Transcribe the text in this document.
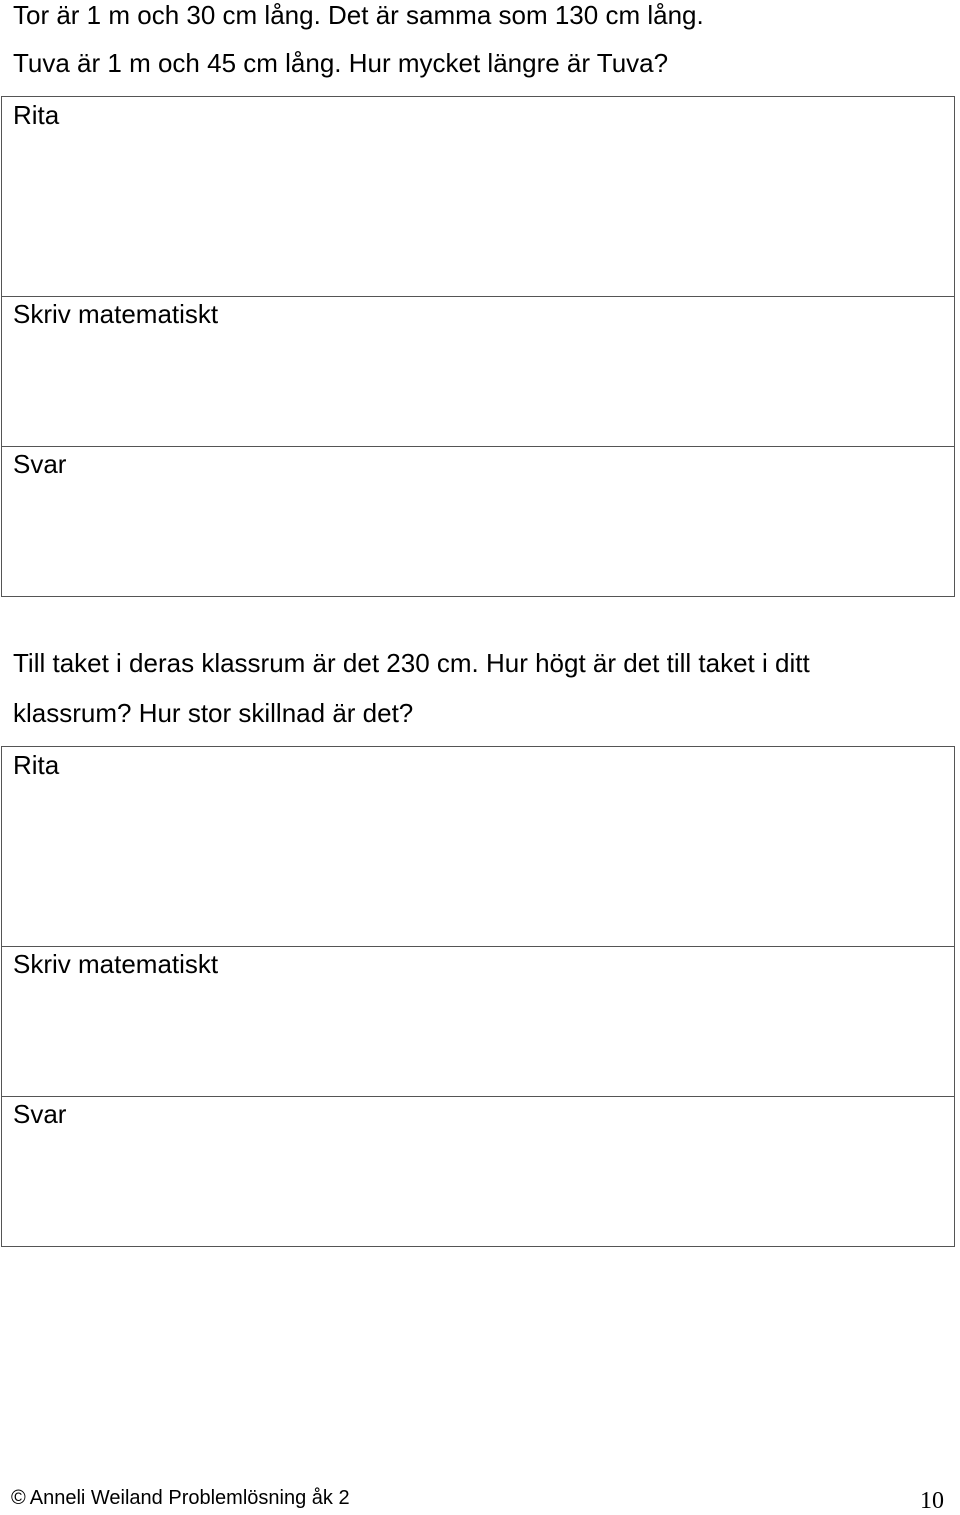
Tor är 1 m och 30 cm lång. Det är samma som 130 cm lång.
Tuva är 1 m och 45 cm lång. Hur mycket längre är Tuva?
Rita
Skriv matematiskt
Svar
Till taket i deras klassrum är det 230 cm. Hur högt är det till taket i ditt
klassrum? Hur stor skillnad är det?
Rita
Skriv matematiskt
Svar
© Anneli Weiland Problemlösning åk 2	10
